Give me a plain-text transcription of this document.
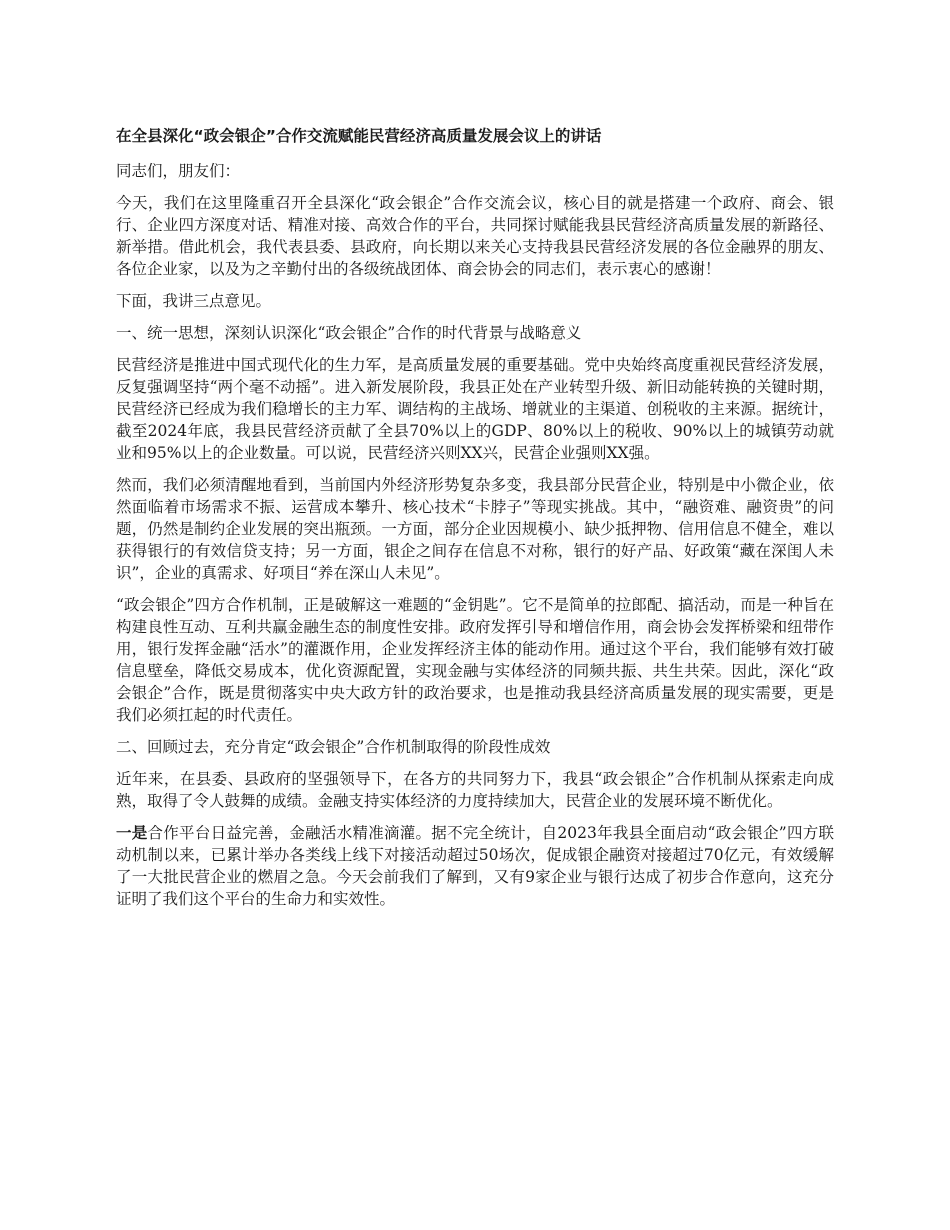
在全县深化“政会银企”合作交流赋能民营经济高质量发展会议上的讲话

同志们，朋友们：

今天，我们在这里隆重召开全县深化“政会银企”合作交流会议，核心目的就是搭建一个政府、商会、银行、企业四方深度对话、精准对接、高效合作的平台，共同探讨赋能我县民营经济高质量发展的新路径、新举措。借此机会，我代表县委、县政府，向长期以来关心支持我县民营经济发展的各位金融界的朋友、各位企业家，以及为之辛勤付出的各级统战团体、商会协会的同志们，表示衷心的感谢！

下面，我讲三点意见。

一、统一思想，深刻认识深化“政会银企”合作的时代背景与战略意义

民营经济是推进中国式现代化的生力军，是高质量发展的重要基础。党中央始终高度重视民营经济发展，反复强调坚持“两个毫不动摇”。进入新发展阶段，我县正处在产业转型升级、新旧动能转换的关键时期，民营经济已经成为我们稳增长的主力军、调结构的主战场、增就业的主渠道、创税收的主来源。据统计，截至2024年底，我县民营经济贡献了全县70%以上的GDP、80%以上的税收、90%以上的城镇劳动就业和95%以上的企业数量。可以说，民营经济兴则XX兴，民营企业强则XX强。

然而，我们必须清醒地看到，当前国内外经济形势复杂多变，我县部分民营企业，特别是中小微企业，依然面临着市场需求不振、运营成本攀升、核心技术“卡脖子”等现实挑战。其中，“融资难、融资贵”的问题，仍然是制约企业发展的突出瓶颈。一方面，部分企业因规模小、缺少抵押物、信用信息不健全，难以获得银行的有效信贷支持；另一方面，银企之间存在信息不对称，银行的好产品、好政策“藏在深闺人未识”，企业的真需求、好项目“养在深山人未见”。

“政会银企”四方合作机制，正是破解这一难题的“金钥匙”。它不是简单的拉郎配、搞活动，而是一种旨在构建良性互动、互利共赢金融生态的制度性安排。政府发挥引导和增信作用，商会协会发挥桥梁和纽带作用，银行发挥金融“活水”的灌溉作用，企业发挥经济主体的能动作用。通过这个平台，我们能够有效打破信息壁垒，降低交易成本，优化资源配置，实现金融与实体经济的同频共振、共生共荣。因此，深化“政会银企”合作，既是贯彻落实中央大政方针的政治要求，也是推动我县经济高质量发展的现实需要，更是我们必须扛起的时代责任。

二、回顾过去，充分肯定“政会银企”合作机制取得的阶段性成效

近年来，在县委、县政府的坚强领导下，在各方的共同努力下，我县“政会银企”合作机制从探索走向成熟，取得了令人鼓舞的成绩。金融支持实体经济的力度持续加大，民营企业的发展环境不断优化。

一是合作平台日益完善，金融活水精准滴灌。据不完全统计，自2023年我县全面启动“政会银企”四方联动机制以来，已累计举办各类线上线下对接活动超过50场次，促成银企融资对接超过70亿元，有效缓解了一大批民营企业的燃眉之急。今天会前我们了解到，又有9家企业与银行达成了初步合作意向，这充分证明了我们这个平台的生命力和实效性。
